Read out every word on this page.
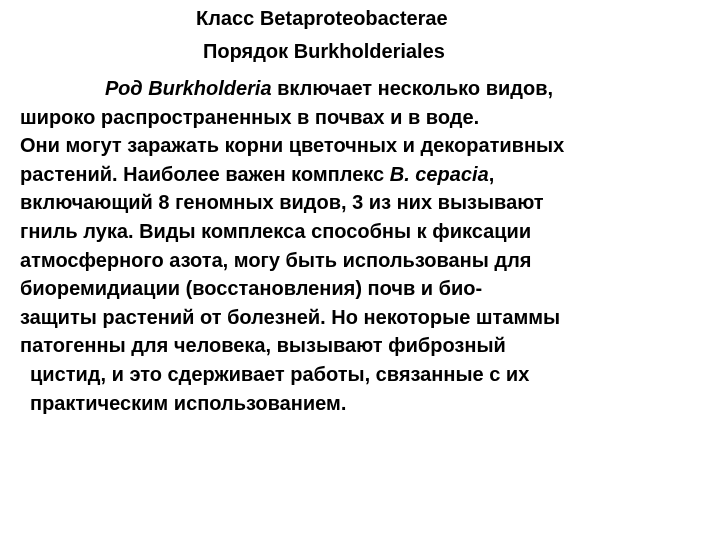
Класс Betaproteobacterae
Порядок Burkholderiales
Род Burkholderia включает несколько видов,
широко распространенных в почвах и в воде.
Они могут заражать корни цветочных и декоративных
растений. Наиболее важен комплекс B. cepacia,
включающий 8 геномных видов, 3 из них вызывают
гниль лука. Виды комплекса способны к фиксации
атмосферного азота, могу быть использованы для
биоремидиации (восстановления) почв и био-
защиты растений от болезней. Но некоторые штаммы
патогенны для человека, вызывают фиброзный
цистид, и это сдерживает работы, связанные с их
практическим использованием.
